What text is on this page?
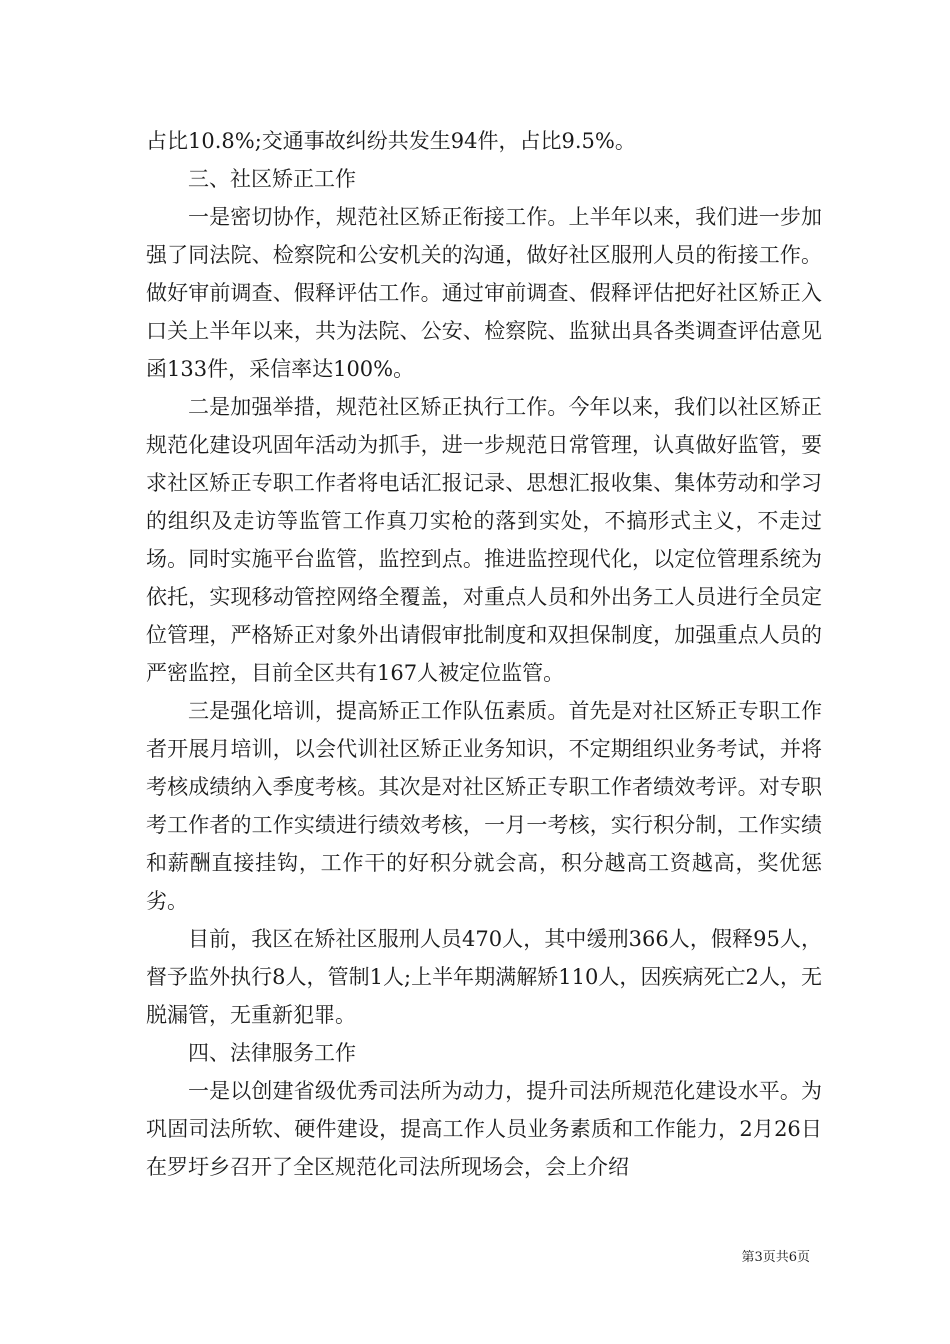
占比10.8%;交通事故纠纷共发生94件，占比9.5%。

三、社区矫正工作

一是密切协作，规范社区矫正衔接工作。上半年以来，我们进一步加强了同法院、检察院和公安机关的沟通，做好社区服刑人员的衔接工作。做好审前调查、假释评估工作。通过审前调查、假释评估把好社区矫正入口关上半年以来，共为法院、公安、检察院、监狱出具各类调查评估意见函133件，采信率达100%。

二是加强举措，规范社区矫正执行工作。今年以来，我们以社区矫正规范化建设巩固年活动为抓手，进一步规范日常管理，认真做好监管，要求社区矫正专职工作者将电话汇报记录、思想汇报收集、集体劳动和学习的组织及走访等监管工作真刀实枪的落到实处，不搞形式主义，不走过场。同时实施平台监管，监控到点。推进监控现代化，以定位管理系统为依托，实现移动管控网络全覆盖，对重点人员和外出务工人员进行全员定位管理，严格矫正对象外出请假审批制度和双担保制度，加强重点人员的严密监控，目前全区共有167人被定位监管。

三是强化培训，提高矫正工作队伍素质。首先是对社区矫正专职工作者开展月培训，以会代训社区矫正业务知识，不定期组织业务考试，并将考核成绩纳入季度考核。其次是对社区矫正专职工作者绩效考评。对专职考工作者的工作实绩进行绩效考核，一月一考核，实行积分制，工作实绩和薪酬直接挂钩，工作干的好积分就会高，积分越高工资越高，奖优惩劣。

目前，我区在矫社区服刑人员470人，其中缓刑366人，假释95人，督予监外执行8人，管制1人;上半年期满解矫110人，因疾病死亡2人，无脱漏管，无重新犯罪。

四、法律服务工作

一是以创建省级优秀司法所为动力，提升司法所规范化建设水平。为巩固司法所软、硬件建设，提高工作人员业务素质和工作能力，2月26日在罗圩乡召开了全区规范化司法所现场会，会上介绍

第3页共6页
